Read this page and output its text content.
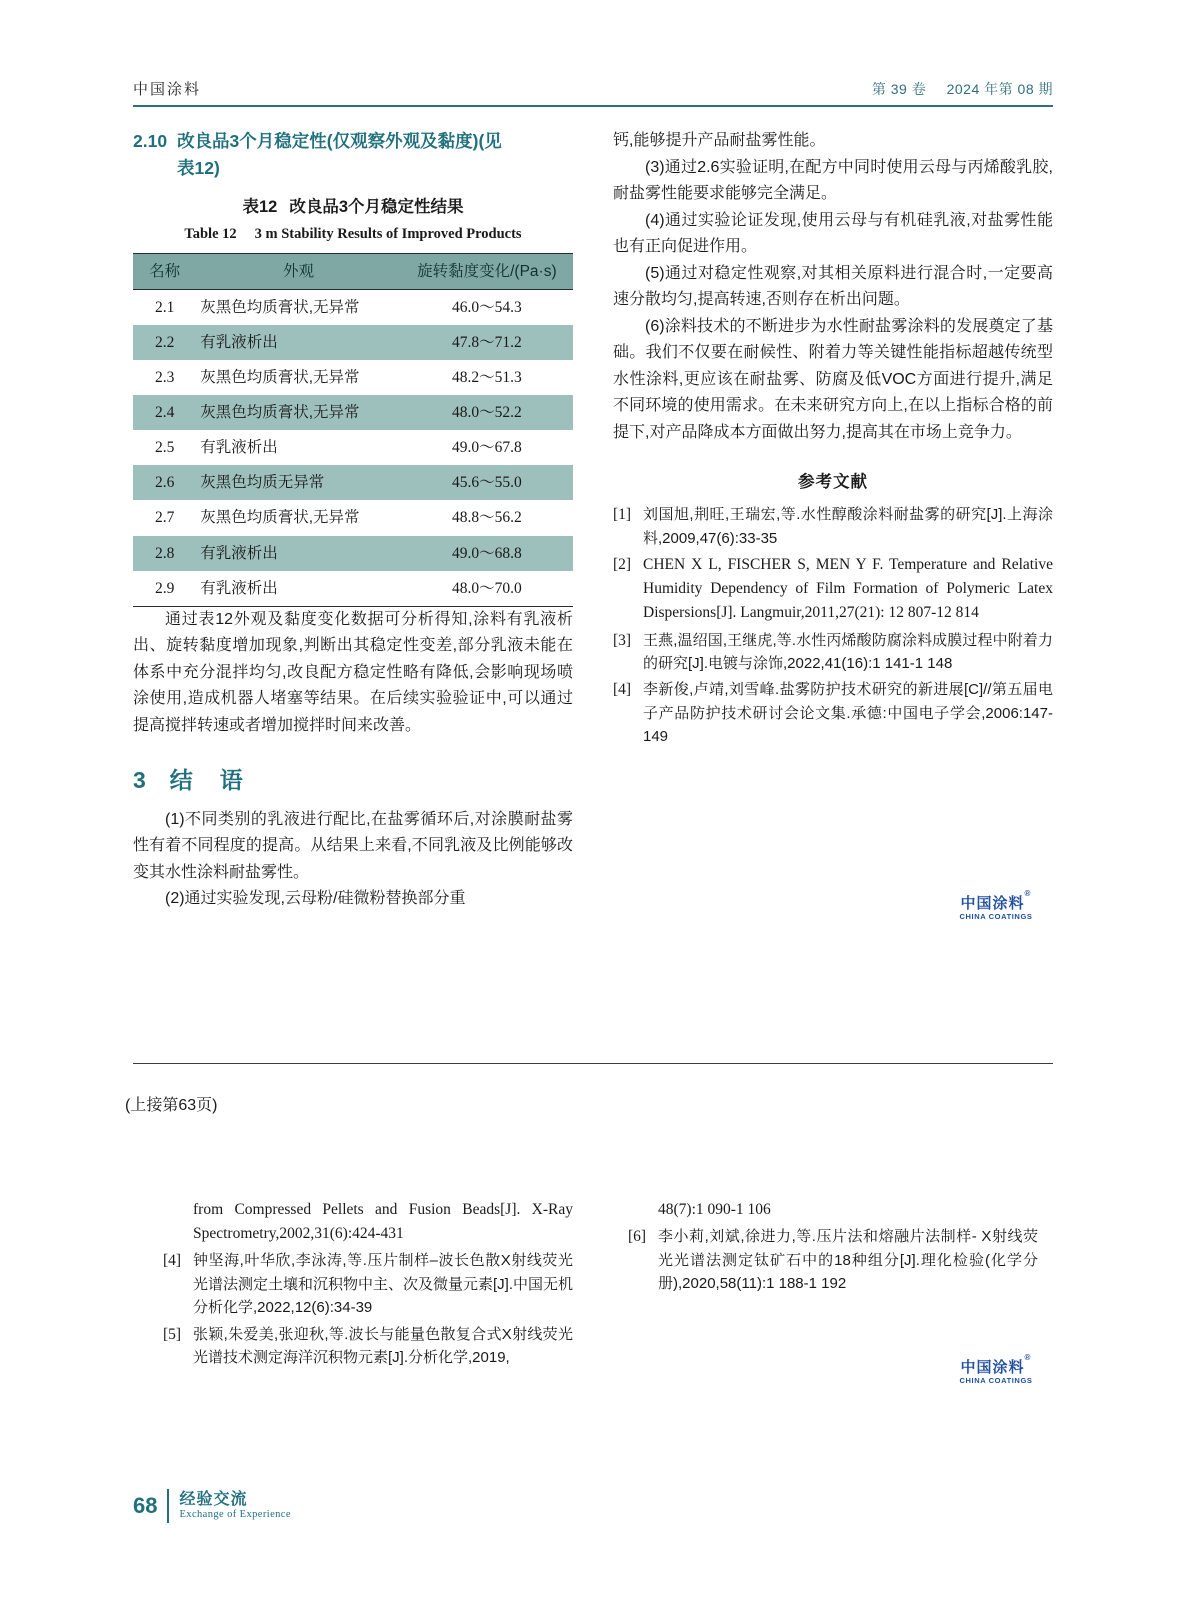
中国涂料	第 39 卷 2024 年第 08 期
2.10 改良品3个月稳定性(仅观察外观及黏度)(见
表12)
表12 改良品3个月稳定性结果
Table 12 3 m Stability Results of Improved Products
名称	外观	旋转黏度变化/(Pa·s)
2.1	灰黑色均质膏状,无异常	46.0～54.3
2.2	有乳液析出	47.8～71.2
2.3	灰黑色均质膏状,无异常	48.2～51.3
2.4	灰黑色均质膏状,无异常	48.0～52.2
2.5	有乳液析出	49.0～67.8
2.6	灰黑色均质无异常	45.6～55.0
2.7	灰黑色均质膏状,无异常	48.8～56.2
2.8	有乳液析出	49.0～68.8
2.9	有乳液析出	48.0～70.0

通过表12外观及黏度变化数据可分析得知,涂料有乳液析出、旋转黏度增加现象,判断出其稳定性变差,部分乳液未能在体系中充分混拌均匀,改良配方稳定性略有降低,会影响现场喷涂使用,造成机器人堵塞等结果。在后续实验验证中,可以通过提高搅拌转速或者增加搅拌时间来改善。

3 结　语

(1)不同类别的乳液进行配比,在盐雾循环后,对涂膜耐盐雾性有着不同程度的提高。从结果上来看,不同乳液及比例能够改变其水性涂料耐盐雾性。

(2)通过实验发现,云母粉/硅微粉替换部分重

钙,能够提升产品耐盐雾性能。

(3)通过2.6实验证明,在配方中同时使用云母与丙烯酸乳胶,耐盐雾性能要求能够完全满足。

(4)通过实验论证发现,使用云母与有机硅乳液,对盐雾性能也有正向促进作用。

(5)通过对稳定性观察,对其相关原料进行混合时,一定要高速分散均匀,提高转速,否则存在析出问题。

(6)涂料技术的不断进步为水性耐盐雾涂料的发展奠定了基础。我们不仅要在耐候性、附着力等关键性能指标超越传统型水性涂料,更应该在耐盐雾、防腐及低VOC方面进行提升,满足不同环境的使用需求。在未来研究方向上,在以上指标合格的前提下,对产品降成本方面做出努力,提高其在市场上竞争力。

参考文献
[1] 刘国旭,荆旺,王瑞宏,等.水性醇酸涂料耐盐雾的研究[J].上海涂料,2009,47(6):33-35
[2] CHEN X L, FISCHER S, MEN Y F. Temperature and Relative Humidity Dependency of Film Formation of Polymeric Latex Dispersions[J]. Langmuir,2011,27(21): 12 807-12 814
[3] 王燕,温绍国,王继虎,等.水性丙烯酸防腐涂料成膜过程中附着力的研究[J].电镀与涂饰,2022,41(16):1 141-1 148
[4] 李新俊,卢靖,刘雪峰.盐雾防护技术研究的新进展[C]//第五届电子产品防护技术研讨会论文集.承德:中国电子学会,2006:147-149
中国涂料®
CHINA COATINGS
(上接第63页)
from Compressed Pellets and Fusion Beads[J]. X-Ray Spectrometry,2002,31(6):424-431
[4] 钟坚海,叶华欣,李泳涛,等.压片制样–波长色散X射线荧光光谱法测定土壤和沉积物中主、次及微量元素[J].中国无机分析化学,2022,12(6):34-39
[5] 张颖,朱爱美,张迎秋,等.波长与能量色散复合式X射线荧光光谱技术测定海洋沉积物元素[J].分析化学,2019,
48(7):1 090-1 106
[6] 李小莉,刘斌,徐进力,等.压片法和熔融片法制样- X射线荧光光谱法测定钛矿石中的18种组分[J].理化检验(化学分册),2020,58(11):1 188-1 192
中国涂料®
CHINA COATINGS
68 经验交流
Exchange of Experience
